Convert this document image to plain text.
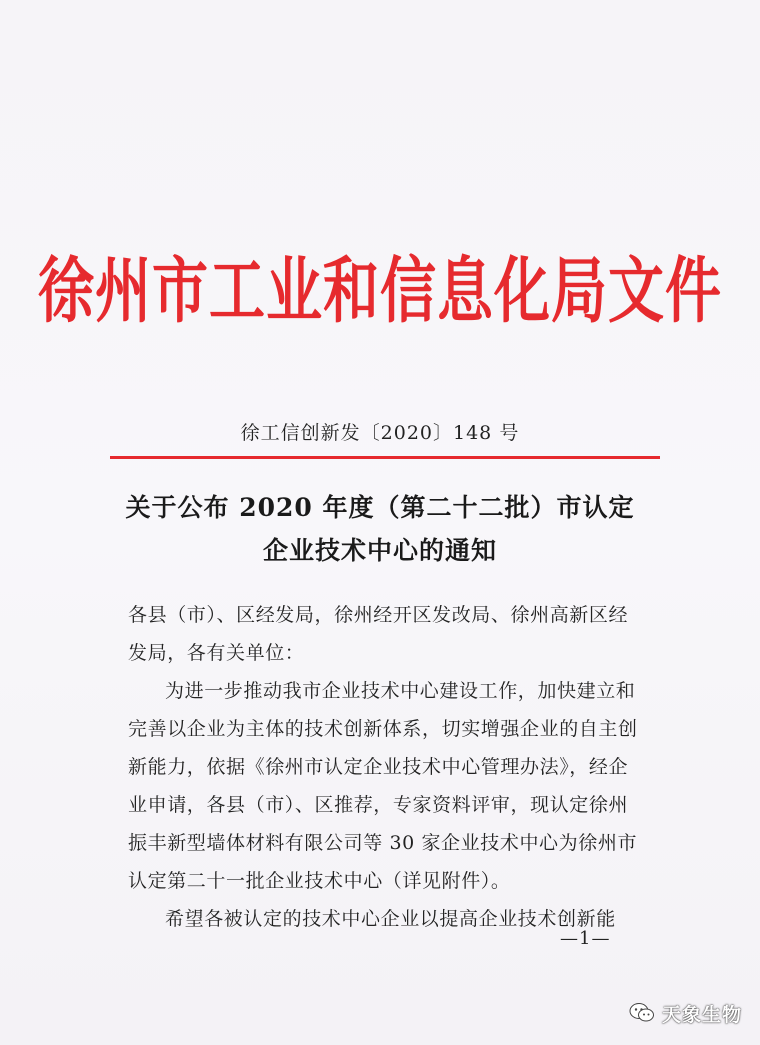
徐州市工业和信息化局文件
徐工信创新发〔2020〕148 号
关于公布 2020 年度（第二十二批）市认定
企业技术中心的通知
各县（市）、区经发局，徐州经开区发改局、徐州高新区经
发局，各有关单位：
为进一步推动我市企业技术中心建设工作，加快建立和
完善以企业为主体的技术创新体系，切实增强企业的自主创
新能力，依据《徐州市认定企业技术中心管理办法》，经企
业申请，各县（市）、区推荐，专家资料评审，现认定徐州
振丰新型墙体材料有限公司等 30 家企业技术中心为徐州市
认定第二十一批企业技术中心（详见附件）。
希望各被认定的技术中心企业以提高企业技术创新能
—1—
天象生物
